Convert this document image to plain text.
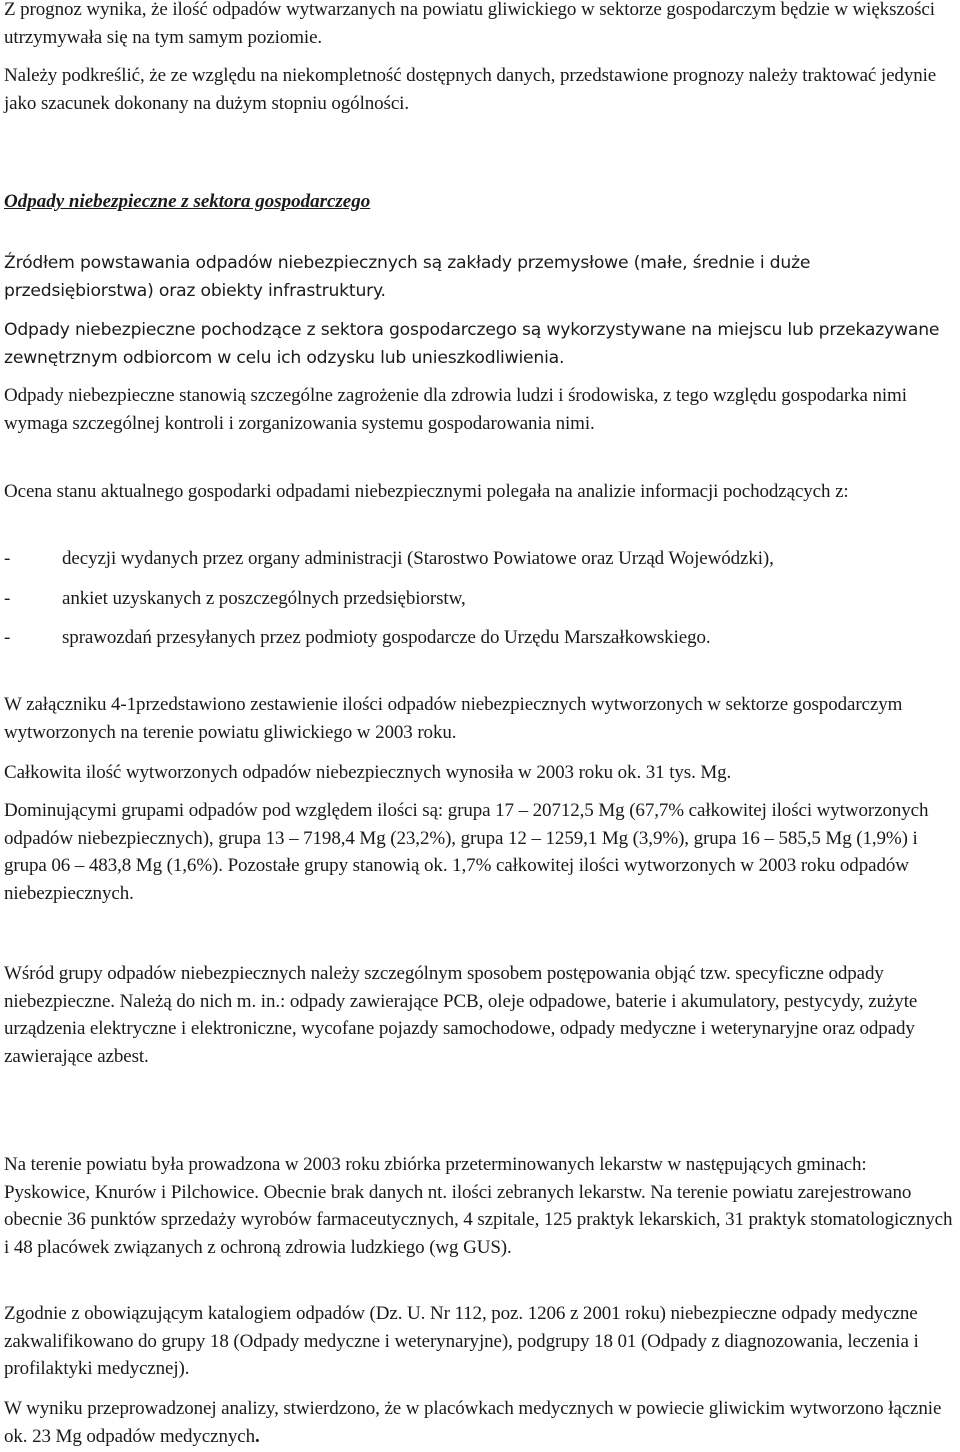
Z prognoz wynika, że ilość odpadów wytwarzanych na powiatu gliwickiego w sektorze gospodarczym będzie w większości utrzymywała się na tym samym poziomie.

Należy podkreślić, że ze względu na niekompletność dostępnych danych, przedstawione prognozy należy traktować jedynie jako szacunek dokonany na dużym stopniu ogólności.

Odpady niebezpieczne z sektora gospodarczego

Źródłem powstawania odpadów niebezpiecznych są zakłady przemysłowe (małe, średnie i duże przedsiębiorstwa) oraz obiekty infrastruktury.

Odpady niebezpieczne pochodzące z sektora gospodarczego są wykorzystywane na miejscu lub przekazywane zewnętrznym odbiorcom w celu ich odzysku lub unieszkodliwienia.

Odpady niebezpieczne stanowią szczególne zagrożenie dla zdrowia ludzi i środowiska, z tego względu gospodarka nimi wymaga szczególnej kontroli i zorganizowania systemu gospodarowania nimi.

Ocena stanu aktualnego gospodarki odpadami niebezpiecznymi polegała na analizie informacji pochodzących z:

-	decyzji wydanych przez organy administracji (Starostwo Powiatowe oraz Urząd Wojewódzki),

-	ankiet uzyskanych z poszczególnych przedsiębiorstw,

-	sprawozdań przesyłanych przez podmioty gospodarcze do Urzędu Marszałkowskiego.

W załączniku 4-1przedstawiono zestawienie ilości odpadów niebezpiecznych wytworzonych w sektorze gospodarczym wytworzonych na terenie powiatu gliwickiego w 2003 roku.

Całkowita ilość wytworzonych odpadów niebezpiecznych wynosiła w 2003 roku ok. 31 tys. Mg.

Dominującymi grupami odpadów pod względem ilości są: grupa 17 – 20712,5 Mg (67,7% całkowitej ilości wytworzonych odpadów niebezpiecznych), grupa 13 – 7198,4 Mg (23,2%), grupa 12 – 1259,1 Mg (3,9%), grupa 16 – 585,5 Mg (1,9%) i grupa 06 – 483,8 Mg (1,6%). Pozostałe grupy stanowią ok. 1,7% całkowitej ilości wytworzonych w 2003 roku odpadów niebezpiecznych.

Wśród grupy odpadów niebezpiecznych należy szczególnym sposobem postępowania objąć tzw. specyficzne odpady niebezpieczne. Należą do nich m. in.: odpady zawierające PCB, oleje odpadowe, baterie i akumulatory, pestycydy, zużyte urządzenia elektryczne i elektroniczne, wycofane pojazdy samochodowe, odpady medyczne i weterynaryjne oraz odpady zawierające azbest.

Na terenie powiatu była prowadzona w 2003 roku zbiórka przeterminowanych lekarstw w następujących gminach: Pyskowice, Knurów i Pilchowice. Obecnie brak danych nt. ilości zebranych lekarstw. Na terenie powiatu zarejestrowano obecnie 36 punktów sprzedaży wyrobów farmaceutycznych, 4 szpitale, 125 praktyk lekarskich, 31 praktyk stomatologicznych i 48 placówek związanych z ochroną zdrowia ludzkiego (wg GUS).

Zgodnie z obowiązującym katalogiem odpadów (Dz. U. Nr 112, poz. 1206 z 2001 roku) niebezpieczne odpady medyczne zakwalifikowano do grupy 18 (Odpady medyczne i weterynaryjne), podgrupy 18 01 (Odpady z diagnozowania, leczenia i profilaktyki medycznej).

W wyniku przeprowadzonej analizy, stwierdzono, że w placówkach medycznych w powiecie gliwickim wytworzono łącznie ok. 23 Mg odpadów medycznych.
